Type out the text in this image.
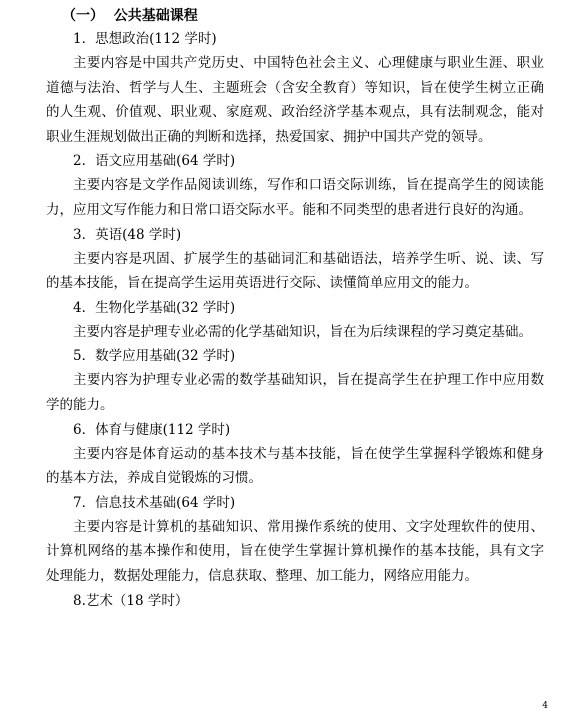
（一）  公共基础课程

1．思想政治(112 学时)

主要内容是中国共产党历史、中国特色社会主义、心理健康与职业生涯、职业道德与法治、哲学与人生、主题班会（含安全教育）等知识，旨在使学生树立正确的人生观、价值观、职业观、家庭观、政治经济学基本观点，具有法制观念，能对职业生涯规划做出正确的判断和选择，热爱国家、拥护中国共产党的领导。

2．语文应用基础(64 学时)

主要内容是文学作品阅读训练，写作和口语交际训练，旨在提高学生的阅读能力，应用文写作能力和日常口语交际水平。能和不同类型的患者进行良好的沟通。

3．英语(48 学时)

主要内容是巩固、扩展学生的基础词汇和基础语法，培养学生听、说、读、写的基本技能，旨在提高学生运用英语进行交际、读懂简单应用文的能力。

4．生物化学基础(32 学时)

主要内容是护理专业必需的化学基础知识，旨在为后续课程的学习奠定基础。

5．数学应用基础(32 学时)

主要内容为护理专业必需的数学基础知识，旨在提高学生在护理工作中应用数学的能力。

6．体育与健康(112 学时)

主要内容是体育运动的基本技术与基本技能，旨在使学生掌握科学锻炼和健身的基本方法，养成自觉锻炼的习惯。

7．信息技术基础(64 学时)

主要内容是计算机的基础知识、常用操作系统的使用、文字处理软件的使用、计算机网络的基本操作和使用，旨在使学生掌握计算机操作的基本技能，具有文字处理能力，数据处理能力，信息获取、整理、加工能力，网络应用能力。

8.艺术（18 学时）

4
